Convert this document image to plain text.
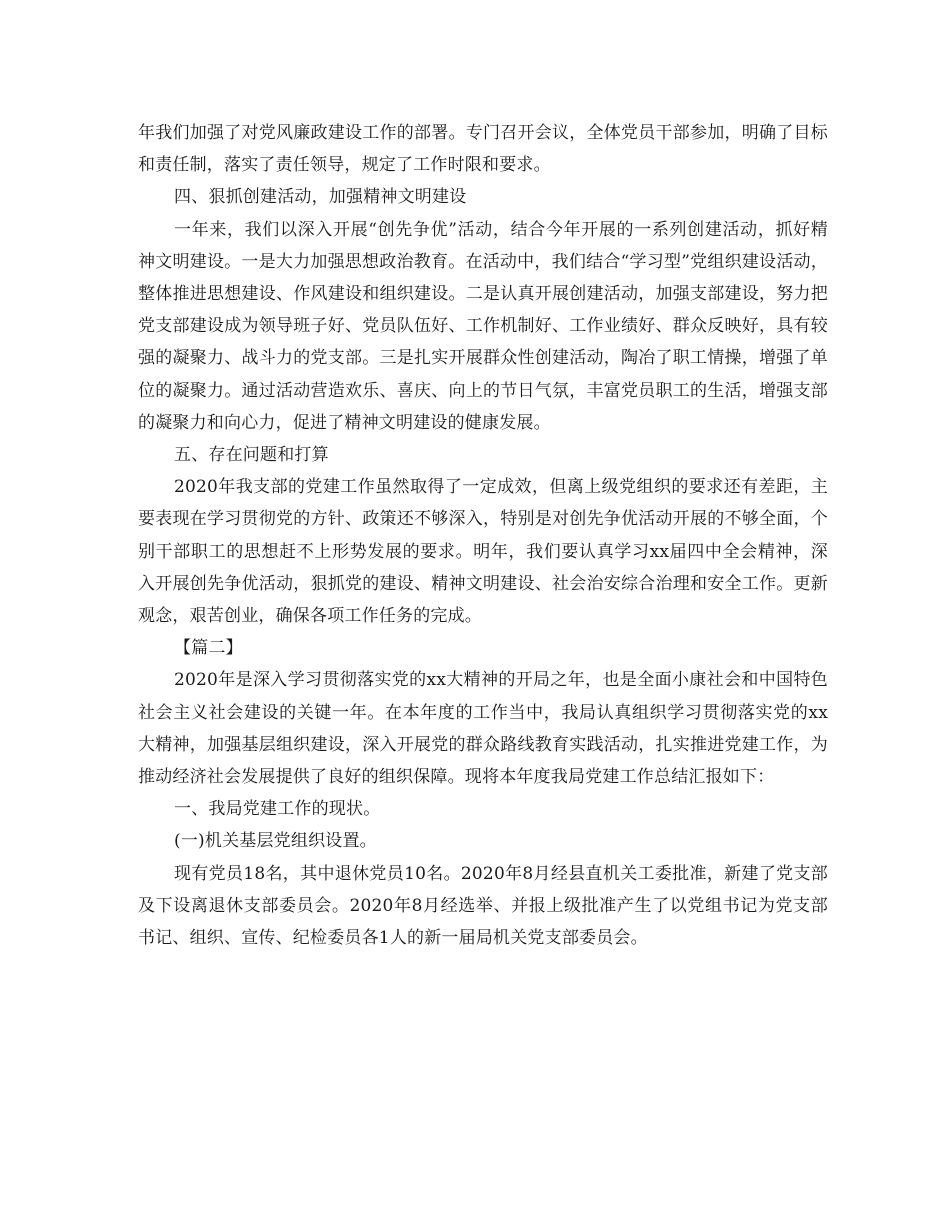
年我们加强了对党风廉政建设工作的部署。专门召开会议，全体党员干部参加，明确了目标和责任制，落实了责任领导，规定了工作时限和要求。

四、狠抓创建活动，加强精神文明建设

一年来，我们以深入开展“创先争优”活动，结合今年开展的一系列创建活动，抓好精神文明建设。一是大力加强思想政治教育。在活动中，我们结合“学习型”党组织建设活动，整体推进思想建设、作风建设和组织建设。二是认真开展创建活动，加强支部建设，努力把党支部建设成为领导班子好、党员队伍好、工作机制好、工作业绩好、群众反映好，具有较强的凝聚力、战斗力的党支部。三是扎实开展群众性创建活动，陶冶了职工情操，增强了单位的凝聚力。通过活动营造欢乐、喜庆、向上的节日气氛，丰富党员职工的生活，增强支部的凝聚力和向心力，促进了精神文明建设的健康发展。

五、存在问题和打算

2020年我支部的党建工作虽然取得了一定成效，但离上级党组织的要求还有差距，主要表现在学习贯彻党的方针、政策还不够深入，特别是对创先争优活动开展的不够全面，个别干部职工的思想赶不上形势发展的要求。明年，我们要认真学习xx届四中全会精神，深入开展创先争优活动，狠抓党的建设、精神文明建设、社会治安综合治理和安全工作。更新观念，艰苦创业，确保各项工作任务的完成。

【篇二】

2020年是深入学习贯彻落实党的xx大精神的开局之年，也是全面小康社会和中国特色社会主义社会建设的关键一年。在本年度的工作当中，我局认真组织学习贯彻落实党的xx大精神，加强基层组织建设，深入开展党的群众路线教育实践活动，扎实推进党建工作，为推动经济社会发展提供了良好的组织保障。现将本年度我局党建工作总结汇报如下：

一、我局党建工作的现状。

(一)机关基层党组织设置。

现有党员18名，其中退休党员10名。2020年8月经县直机关工委批准，新建了党支部及下设离退休支部委员会。2020年8月经选举、并报上级批准产生了以党组书记为党支部书记、组织、宣传、纪检委员各1人的新一届局机关党支部委员会。
